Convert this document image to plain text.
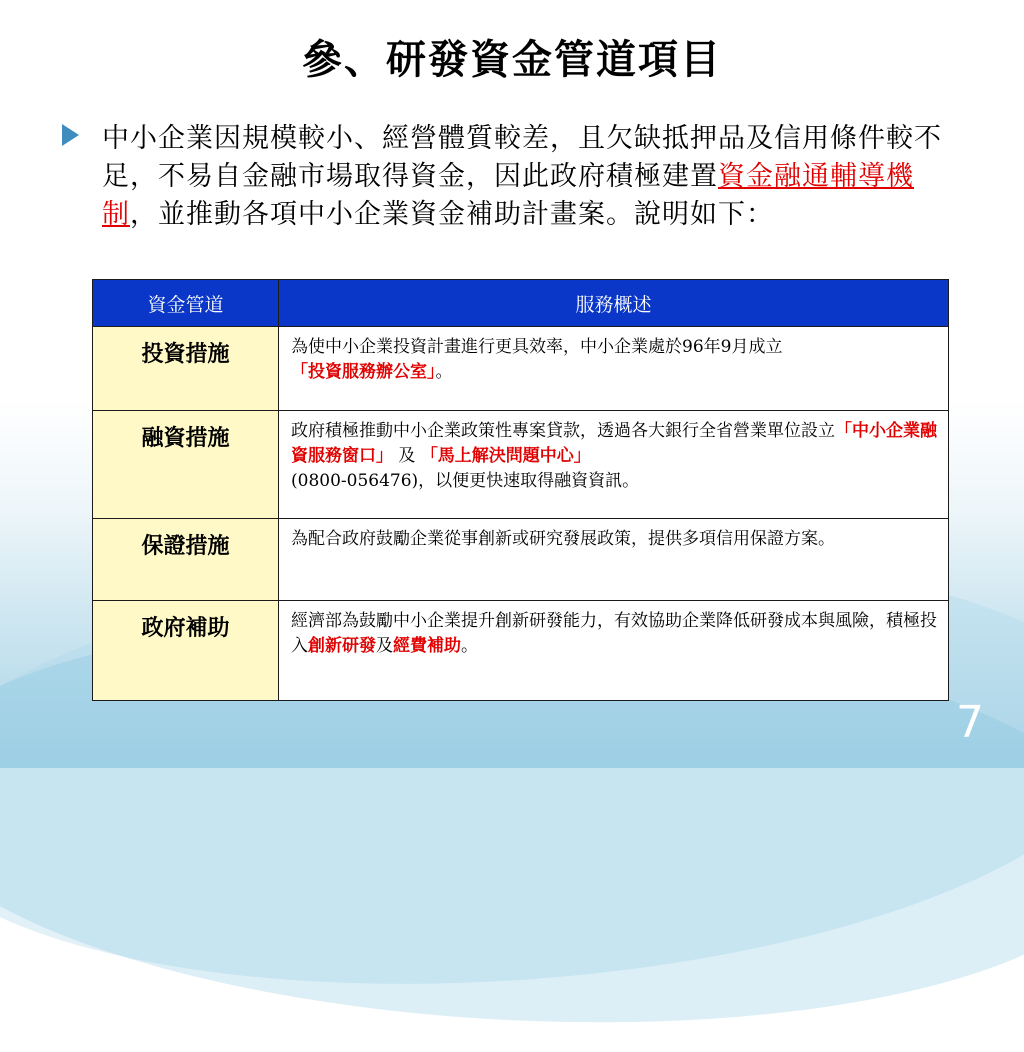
參、研發資金管道項目
中小企業因規模較小、經營體質較差，且欠缺抵押品及信用條件較不足，不易自金融市場取得資金，因此政府積極建置資金融通輔導機制，並推動各項中小企業資金補助計畫案。說明如下：
資金管道	服務概述
投資措施	為使中小企業投資計畫進行更具效率，中小企業處於96年9月成立
「投資服務辦公室」。
融資措施	政府積極推動中小企業政策性專案貸款，透過各大銀行全省營業單位設立「中小企業融資服務窗口」 及 「馬上解決問題中心」
(0800-056476)，以便更快速取得融資資訊。
保證措施	為配合政府鼓勵企業從事創新或研究發展政策，提供多項信用保證方案。
政府補助	經濟部為鼓勵中小企業提升創新研發能力，有效協助企業降低研發成本與風險，積極投入創新研發及經費補助。
7
